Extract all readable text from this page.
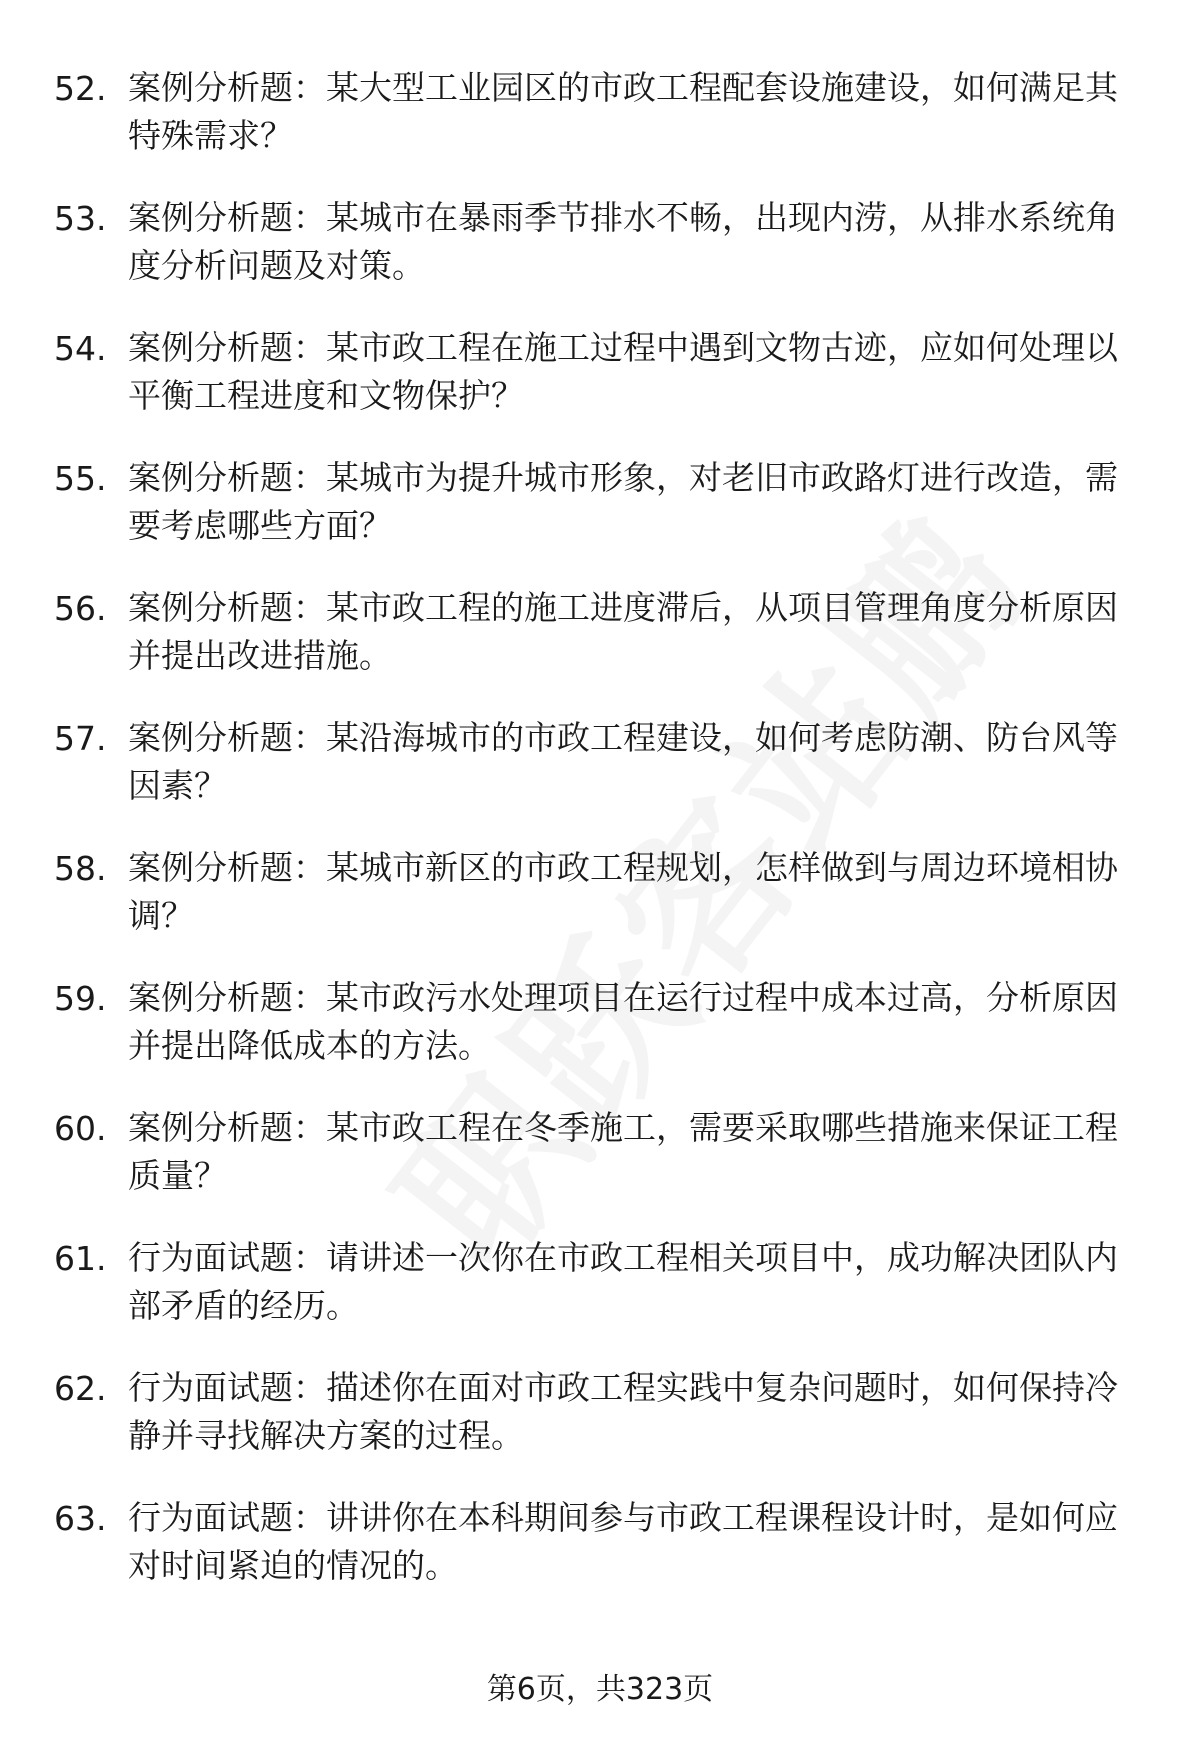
52. 案例分析题：某大型工业园区的市政工程配套设施建设，如何满足其特殊需求？
53. 案例分析题：某城市在暴雨季节排水不畅，出现内涝，从排水系统角度分析问题及对策。
54. 案例分析题：某市政工程在施工过程中遇到文物古迹，应如何处理以平衡工程进度和文物保护？
55. 案例分析题：某城市为提升城市形象，对老旧市政路灯进行改造，需要考虑哪些方面？
56. 案例分析题：某市政工程的施工进度滞后，从项目管理角度分析原因并提出改进措施。
57. 案例分析题：某沿海城市的市政工程建设，如何考虑防潮、防台风等因素？
58. 案例分析题：某城市新区的市政工程规划，怎样做到与周边环境相协调？
59. 案例分析题：某市政污水处理项目在运行过程中成本过高，分析原因并提出降低成本的方法。
60. 案例分析题：某市政工程在冬季施工，需要采取哪些措施来保证工程质量？
61. 行为面试题：请讲述一次你在市政工程相关项目中，成功解决团队内部矛盾的经历。
62. 行为面试题：描述你在面对市政工程实践中复杂问题时，如何保持冷静并寻找解决方案的过程。
63. 行为面试题：讲讲你在本科期间参与市政工程课程设计时，是如何应对时间紧迫的情况的。
第6页，共323页
